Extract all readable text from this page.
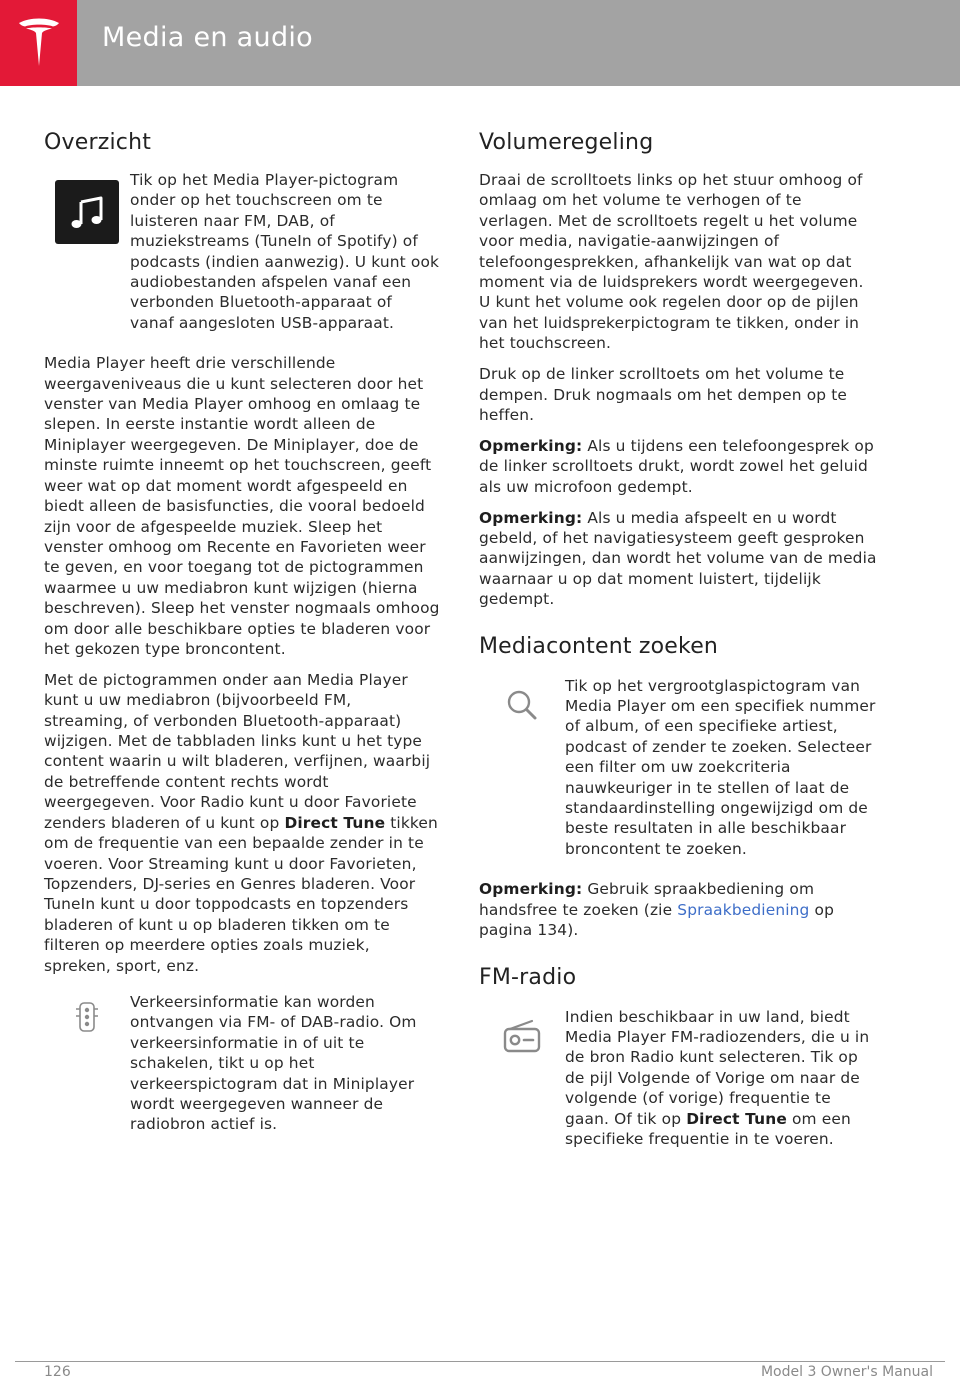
Media en audio
Overzicht

Tik op het Media Player-pictogram onder op het touchscreen om te luisteren naar FM, DAB, of muziekstreams (TuneIn of Spotify) of podcasts (indien aanwezig). U kunt ook audiobestanden afspelen vanaf een verbonden Bluetooth-apparaat of vanaf aangesloten USB-apparaat.

Media Player heeft drie verschillende weergaveniveaus die u kunt selecteren door het venster van Media Player omhoog en omlaag te slepen. In eerste instantie wordt alleen de Miniplayer weergegeven. De Miniplayer, doe de minste ruimte inneemt op het touchscreen, geeft weer wat op dat moment wordt afgespeeld en biedt alleen de basisfuncties, die vooral bedoeld zijn voor de afgespeelde muziek. Sleep het venster omhoog om Recente en Favorieten weer te geven, en voor toegang tot de pictogrammen waarmee u uw mediabron kunt wijzigen (hierna beschreven). Sleep het venster nogmaals omhoog om door alle beschikbare opties te bladeren voor het gekozen type broncontent.

Met de pictogrammen onder aan Media Player kunt u uw mediabron (bijvoorbeeld FM, streaming, of verbonden Bluetooth-apparaat) wijzigen. Met de tabbladen links kunt u het type content waarin u wilt bladeren, verfijnen, waarbij de betreffende content rechts wordt weergegeven. Voor Radio kunt u door Favoriete zenders bladeren of u kunt op Direct Tune tikken om de frequentie van een bepaalde zender in te voeren. Voor Streaming kunt u door Favorieten, Topzenders, DJ-series en Genres bladeren. Voor TuneIn kunt u door toppodcasts en topzenders bladeren of kunt u op bladeren tikken om te filteren op meerdere opties zoals muziek, spreken, sport, enz.

Verkeersinformatie kan worden ontvangen via FM- of DAB-radio. Om verkeersinformatie in of uit te schakelen, tikt u op het verkeerspictogram dat in Miniplayer wordt weergegeven wanneer de radiobron actief is.

Volumeregeling

Draai de scrolltoets links op het stuur omhoog of omlaag om het volume te verhogen of te verlagen. Met de scrolltoets regelt u het volume voor media, navigatie-aanwijzingen of telefoongesprekken, afhankelijk van wat op dat moment via de luidsprekers wordt weergegeven. U kunt het volume ook regelen door op de pijlen van het luidsprekerpictogram te tikken, onder in het touchscreen.

Druk op de linker scrolltoets om het volume te dempen. Druk nogmaals om het dempen op te heffen.

Opmerking: Als u tijdens een telefoongesprek op de linker scrolltoets drukt, wordt zowel het geluid als uw microfoon gedempt.

Opmerking: Als u media afspeelt en u wordt gebeld, of het navigatiesysteem geeft gesproken aanwijzingen, dan wordt het volume van de media waarnaar u op dat moment luistert, tijdelijk gedempt.

Mediacontent zoeken

Tik op het vergrootglaspictogram van Media Player om een specifiek nummer of album, of een specifieke artiest, podcast of zender te zoeken. Selecteer een filter om uw zoekcriteria nauwkeuriger in te stellen of laat de standaardinstelling ongewijzigd om de beste resultaten in alle beschikbaar broncontent te zoeken.

Opmerking: Gebruik spraakbediening om handsfree te zoeken (zie Spraakbediening op pagina 134).

FM-radio

Indien beschikbaar in uw land, biedt Media Player FM-radiozenders, die u in de bron Radio kunt selecteren. Tik op de pijl Volgende of Vorige om naar de volgende (of vorige) frequentie te gaan. Of tik op Direct Tune om een specifieke frequentie in te voeren.

126	Model 3 Owner's Manual
